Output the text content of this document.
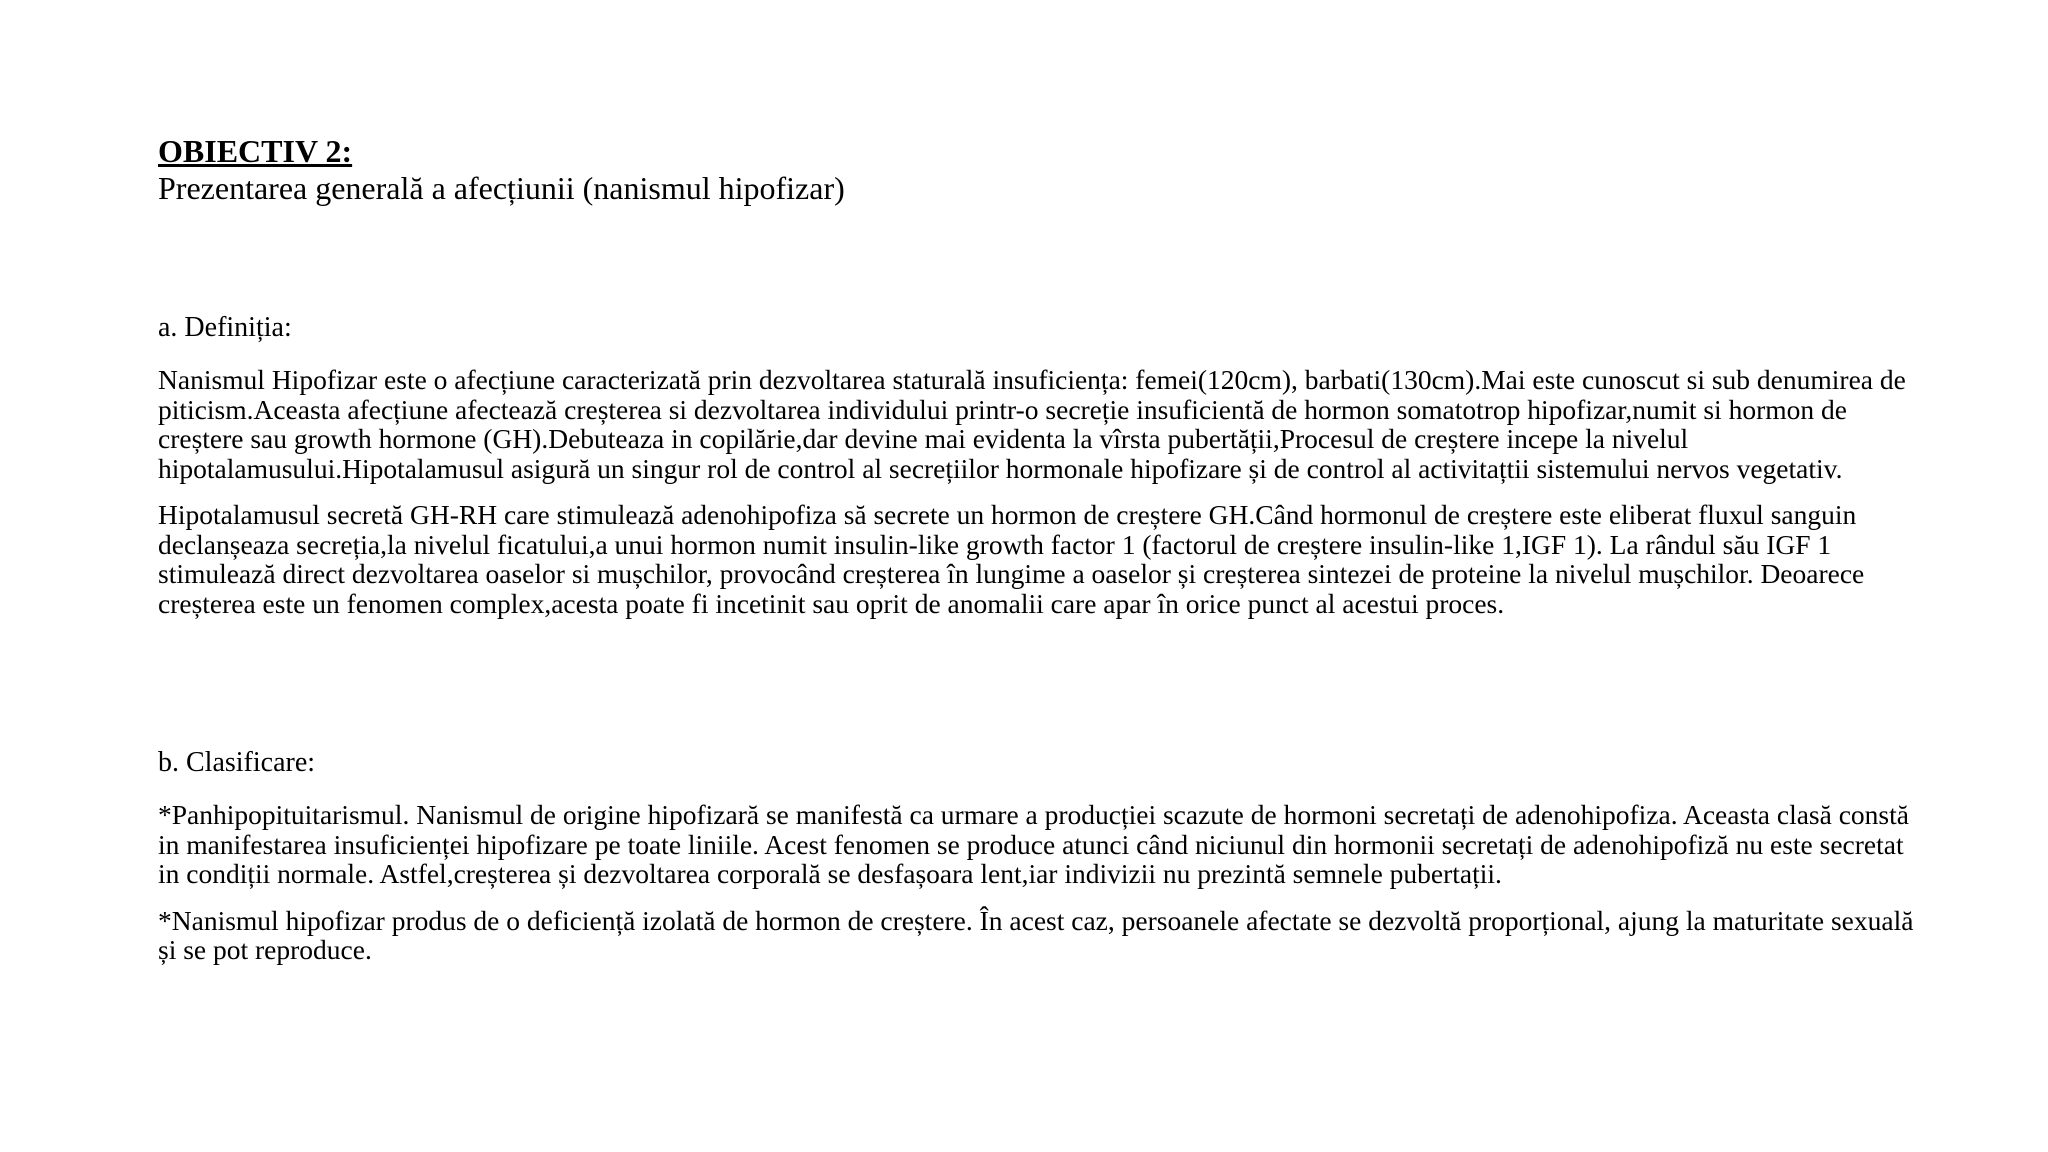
OBIECTIV 2:
Prezentarea generală a afecțiunii (nanismul hipofizar)
a. Definiția:

Nanismul Hipofizar este o afecțiune caracterizată prin dezvoltarea staturală insuficiența: femei(120cm), barbati(130cm).Mai este cunoscut si sub denumirea de piticism.Aceasta afecțiune afectează creșterea si dezvoltarea individului printr-o secreție insuficientă de hormon somatotrop hipofizar,numit si hormon de creștere sau growth hormone (GH).Debuteaza in copilărie,dar devine mai evidenta la vîrsta pubertății,Procesul de creștere incepe la nivelul hipotalamusului.Hipotalamusul asigură un singur rol de control al secrețiilor hormonale hipofizare și de control al activitațtii sistemului nervos vegetativ.

Hipotalamusul secretă GH-RH care stimulează adenohipofiza să secrete un hormon de creștere GH.Când hormonul de creștere este eliberat fluxul sanguin declanșeaza secreția,la nivelul ficatului,a unui hormon numit insulin-like growth factor 1 (factorul de creștere insulin-like 1,IGF 1). La rândul său IGF 1 stimulează direct dezvoltarea oaselor si mușchilor, provocând creșterea în lungime a oaselor și creșterea sintezei de proteine la nivelul mușchilor. Deoarece creșterea este un fenomen complex,acesta poate fi incetinit sau oprit de anomalii care apar în orice punct al acestui proces.

b. Clasificare:

*Panhipopituitarismul. Nanismul de origine hipofizară se manifestă ca urmare a producției scazute de hormoni secretați de adenohipofiza. Aceasta clasă constă in manifestarea insuficienței hipofizare pe toate liniile. Acest fenomen se produce atunci când niciunul din hormonii secretați de adenohipofiză nu este secretat in condiții normale. Astfel,creșterea și dezvoltarea corporală se desfașoara lent,iar indivizii nu prezintă semnele pubertații.

*Nanismul hipofizar produs de o deficiență izolată de hormon de creștere. În acest caz, persoanele afectate se dezvoltă proporțional, ajung la maturitate sexuală și se pot reproduce.
